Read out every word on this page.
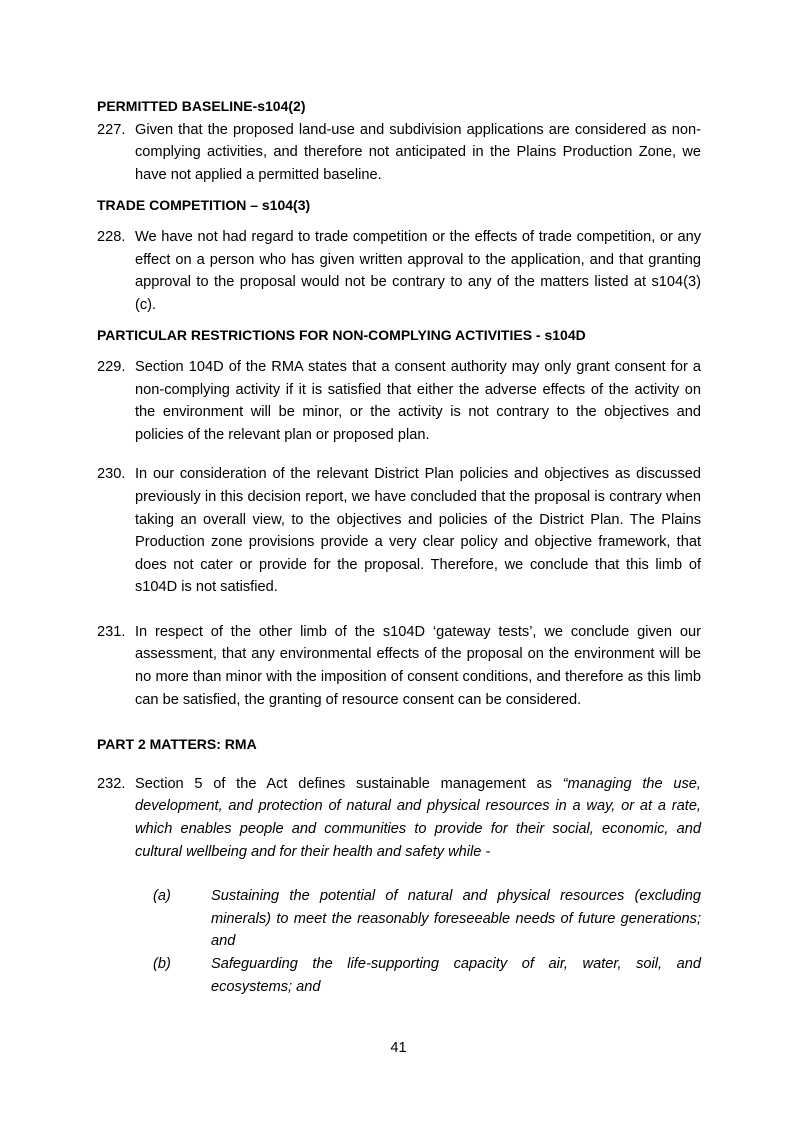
PERMITTED BASELINE-s104(2)
227. Given that the proposed land-use and subdivision applications are considered as non-complying activities, and therefore not anticipated in the Plains Production Zone, we have not applied a permitted baseline.
TRADE COMPETITION – s104(3)
228. We have not had regard to trade competition or the effects of trade competition, or any effect on a person who has given written approval to the application, and that granting approval to the proposal would not be contrary to any of the matters listed at s104(3)(c).
PARTICULAR RESTRICTIONS FOR NON-COMPLYING ACTIVITIES - s104D
229. Section 104D of the RMA states that a consent authority may only grant consent for a non-complying activity if it is satisfied that either the adverse effects of the activity on the environment will be minor, or the activity is not contrary to the objectives and policies of the relevant plan or proposed plan.
230. In our consideration of the relevant District Plan policies and objectives as discussed previously in this decision report, we have concluded that the proposal is contrary when taking an overall view, to the objectives and policies of the District Plan. The Plains Production zone provisions provide a very clear policy and objective framework, that does not cater or provide for the proposal. Therefore, we conclude that this limb of s104D is not satisfied.
231. In respect of the other limb of the s104D ‘gateway tests’, we conclude given our assessment, that any environmental effects of the proposal on the environment will be no more than minor with the imposition of consent conditions, and therefore as this limb can be satisfied, the granting of resource consent can be considered.
PART 2 MATTERS: RMA
232. Section 5 of the Act defines sustainable management as “managing the use, development, and protection of natural and physical resources in a way, or at a rate, which enables people and communities to provide for their social, economic, and cultural wellbeing and for their health and safety while -
(a)	Sustaining the potential of natural and physical resources (excluding minerals) to meet the reasonably foreseeable needs of future generations; and
(b)	Safeguarding the life-supporting capacity of air, water, soil, and ecosystems; and
41
